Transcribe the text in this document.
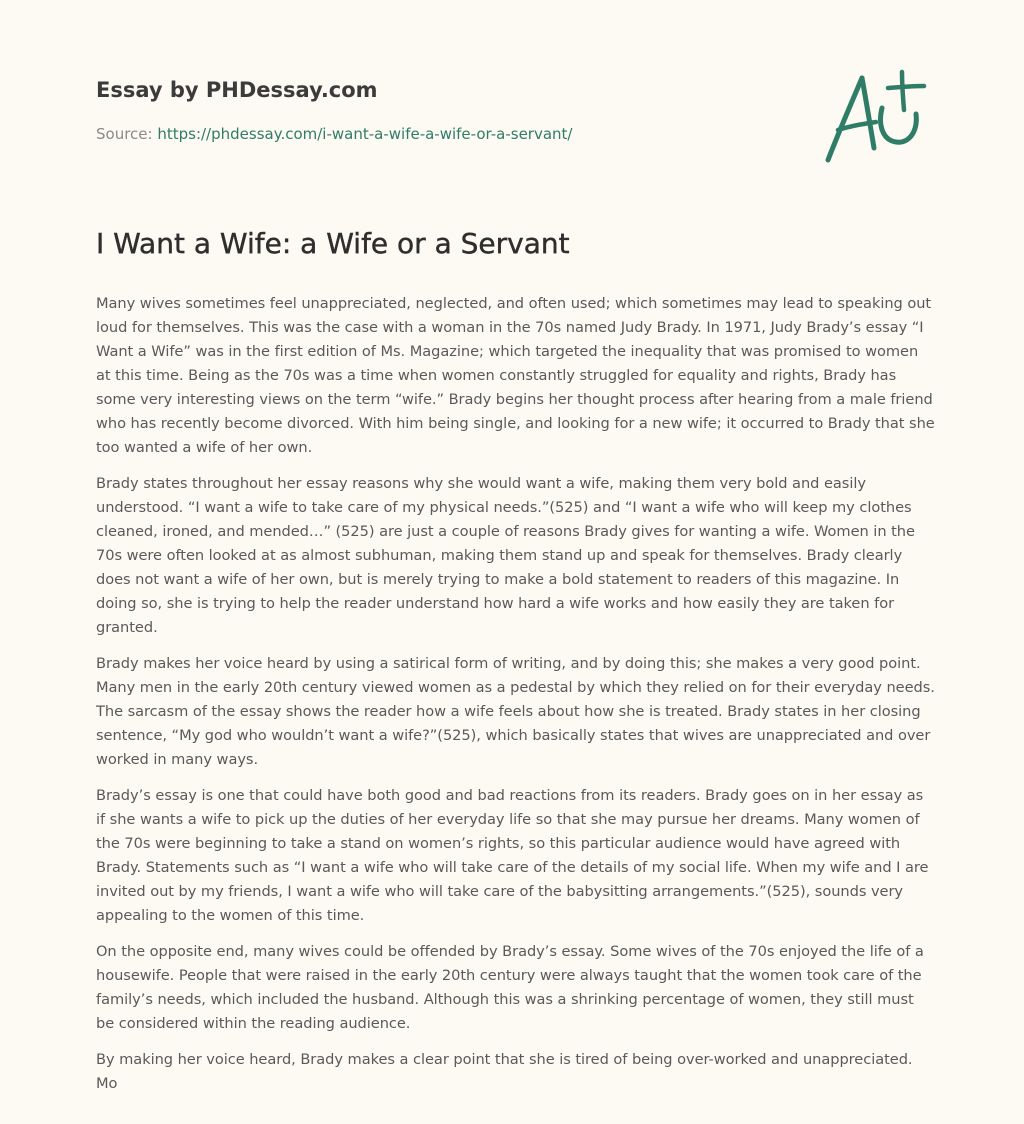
Essay by PHDessay.com
Source: https://phdessay.com/i-want-a-wife-a-wife-or-a-servant/
I Want a Wife: a Wife or a Servant

Many wives sometimes feel unappreciated, neglected, and often used; which sometimes may lead to speaking out loud for themselves. This was the case with a woman in the 70s named Judy Brady. In 1971, Judy Brady’s essay “I Want a Wife” was in the first edition of Ms. Magazine; which targeted the inequality that was promised to women at this time. Being as the 70s was a time when women constantly struggled for equality and rights, Brady has some very interesting views on the term “wife.” Brady begins her thought process after hearing from a male friend who has recently become divorced. With him being single, and looking for a new wife; it occurred to Brady that she too wanted a wife of her own.

Brady states throughout her essay reasons why she would want a wife, making them very bold and easily understood. “I want a wife to take care of my physical needs.”(525) and “I want a wife who will keep my clothes cleaned, ironed, and mended…” (525) are just a couple of reasons Brady gives for wanting a wife. Women in the 70s were often looked at as almost subhuman, making them stand up and speak for themselves. Brady clearly does not want a wife of her own, but is merely trying to make a bold statement to readers of this magazine. In doing so, she is trying to help the reader understand how hard a wife works and how easily they are taken for granted.

Brady makes her voice heard by using a satirical form of writing, and by doing this; she makes a very good point. Many men in the early 20th century viewed women as a pedestal by which they relied on for their everyday needs. The sarcasm of the essay shows the reader how a wife feels about how she is treated. Brady states in her closing sentence, “My god who wouldn’t want a wife?”(525), which basically states that wives are unappreciated and over worked in many ways.

Brady’s essay is one that could have both good and bad reactions from its readers. Brady goes on in her essay as if she wants a wife to pick up the duties of her everyday life so that she may pursue her dreams. Many women of the 70s were beginning to take a stand on women’s rights, so this particular audience would have agreed with Brady. Statements such as “I want a wife who will take care of the details of my social life. When my wife and I are invited out by my friends, I want a wife who will take care of the babysitting arrangements.”(525), sounds very appealing to the women of this time.

On the opposite end, many wives could be offended by Brady’s essay. Some wives of the 70s enjoyed the life of a housewife. People that were raised in the early 20th century were always taught that the women took care of the family’s needs, which included the husband. Although this was a shrinking percentage of women, they still must be considered within the reading audience.

By making her voice heard, Brady makes a clear point that she is tired of being over-worked and unappreciated. Mo
